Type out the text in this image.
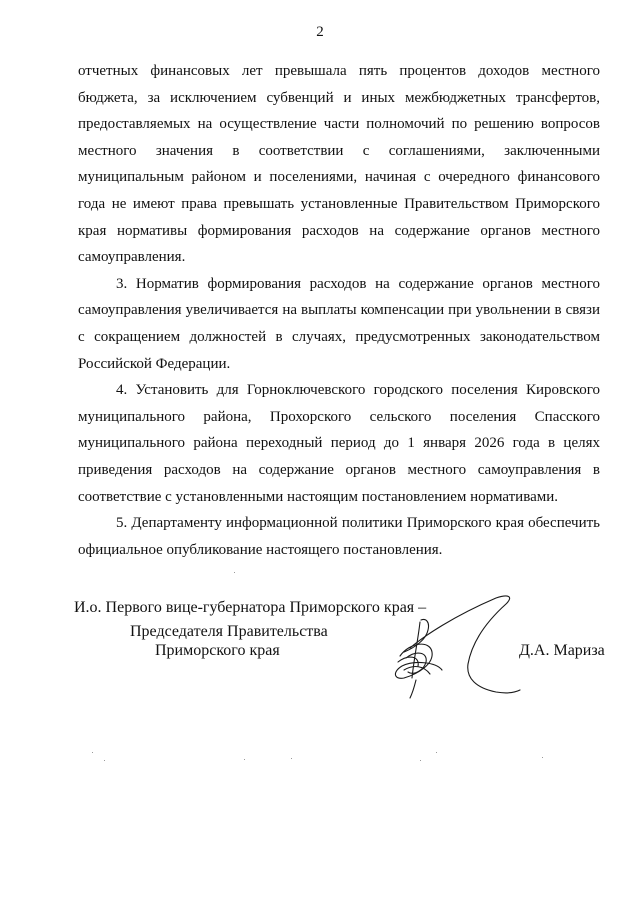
2

отчетных финансовых лет превышала пять процентов доходов местного бюджета, за исключением субвенций и иных межбюджетных трансфертов, предоставляемых на осуществление части полномочий по решению вопросов местного значения в соответствии с соглашениями, заключенными муниципальным районом и поселениями, начиная с очередного финансового года не имеют права превышать установленные Правительством Приморского края нормативы формирования расходов на содержание органов местного самоуправления.

3. Норматив формирования расходов на содержание органов местного самоуправления увеличивается на выплаты компенсации при увольнении в связи с сокращением должностей в случаях, предусмотренных законодательством Российской Федерации.

4. Установить для Горноключевского городского поселения Кировского муниципального района, Прохорского сельского поселения Спасского муниципального района переходный период до 1 января 2026 года в целях приведения расходов на содержание органов местного самоуправления в соответствие с установленными настоящим постановлением нормативами.

5. Департаменту информационной политики Приморского края обеспечить официальное опубликование настоящего постановления.

И.о. Первого вице-губернатора Приморского края –
Председателя Правительства
Приморского края	Д.А. Мариза
